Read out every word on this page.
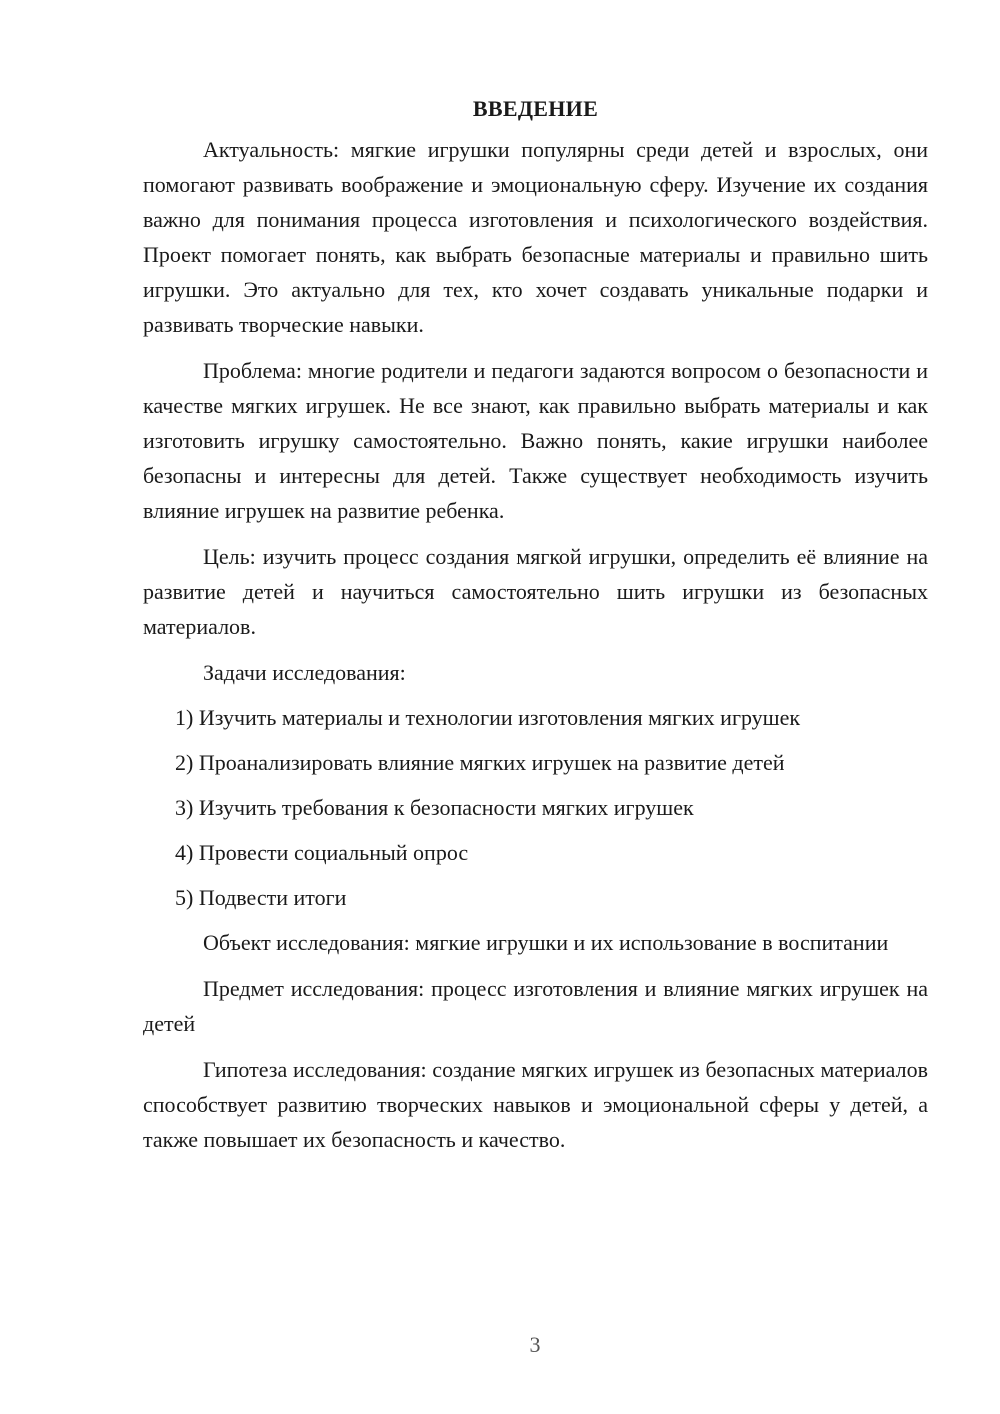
ВВЕДЕНИЕ

Актуальность: мягкие игрушки популярны среди детей и взрослых, они помогают развивать воображение и эмоциональную сферу. Изучение их создания важно для понимания процесса изготовления и психологического воздействия. Проект помогает понять, как выбрать безопасные материалы и правильно шить игрушки. Это актуально для тех, кто хочет создавать уникальные подарки и развивать творческие навыки.

Проблема: многие родители и педагоги задаются вопросом о безопасности и качестве мягких игрушек. Не все знают, как правильно выбрать материалы и как изготовить игрушку самостоятельно. Важно понять, какие игрушки наиболее безопасны и интересны для детей. Также существует необходимость изучить влияние игрушек на развитие ребенка.

Цель: изучить процесс создания мягкой игрушки, определить её влияние на развитие детей и научиться самостоятельно шить игрушки из безопасных материалов.

Задачи исследования:

1) Изучить материалы и технологии изготовления мягких игрушек
2) Проанализировать влияние мягких игрушек на развитие детей
3) Изучить требования к безопасности мягких игрушек
4) Провести социальный опрос
5) Подвести итоги

Объект исследования: мягкие игрушки и их использование в воспитании

Предмет исследования: процесс изготовления и влияние мягких игрушек на детей

Гипотеза исследования: создание мягких игрушек из безопасных материалов способствует развитию творческих навыков и эмоциональной сферы у детей, а также повышает их безопасность и качество.

3
